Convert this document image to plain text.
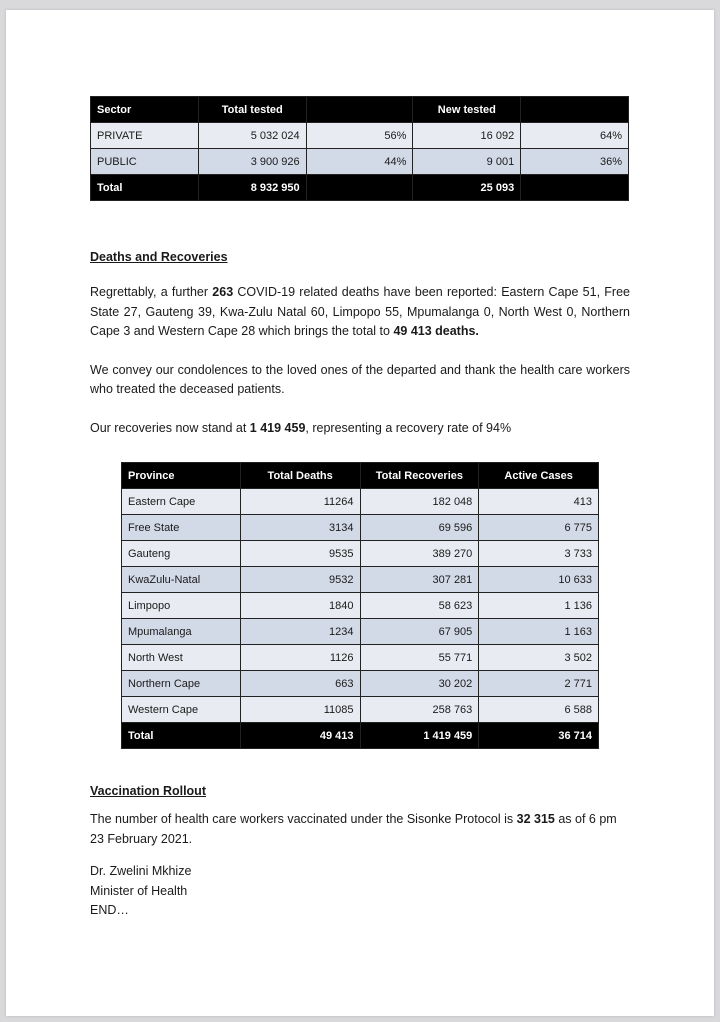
Sector	Total tested		New tested	
PRIVATE	5 032 024	56%	16 092	64%
PUBLIC	3 900 926	44%	9 001	36%
Total	8 932 950		25 093	
Deaths and Recoveries

Regrettably, a further 263 COVID-19 related deaths have been reported: Eastern Cape 51, Free State 27, Gauteng 39, Kwa-Zulu Natal 60, Limpopo 55, Mpumalanga 0, North West 0, Northern Cape 3 and Western Cape 28 which brings the total to 49 413 deaths.

We convey our condolences to the loved ones of the departed and thank the health care workers who treated the deceased patients.

Our recoveries now stand at 1 419 459, representing a recovery rate of 94%

Province	Total Deaths	Total Recoveries	Active Cases
Eastern Cape	11264	182 048	413
Free State	3134	69 596	6 775
Gauteng	9535	389 270	3 733
KwaZulu-Natal	9532	307 281	10 633
Limpopo	1840	58 623	1 136
Mpumalanga	1234	67 905	1 163
North West	1126	55 771	3 502
Northern Cape	663	30 202	2 771
Western Cape	11085	258 763	6 588
Total	49 413	1 419 459	36 714
Vaccination Rollout

The number of health care workers vaccinated under the Sisonke Protocol is 32 315 as of 6 pm 23 February 2021.

Dr. Zwelini Mkhize
Minister of Health
END…
